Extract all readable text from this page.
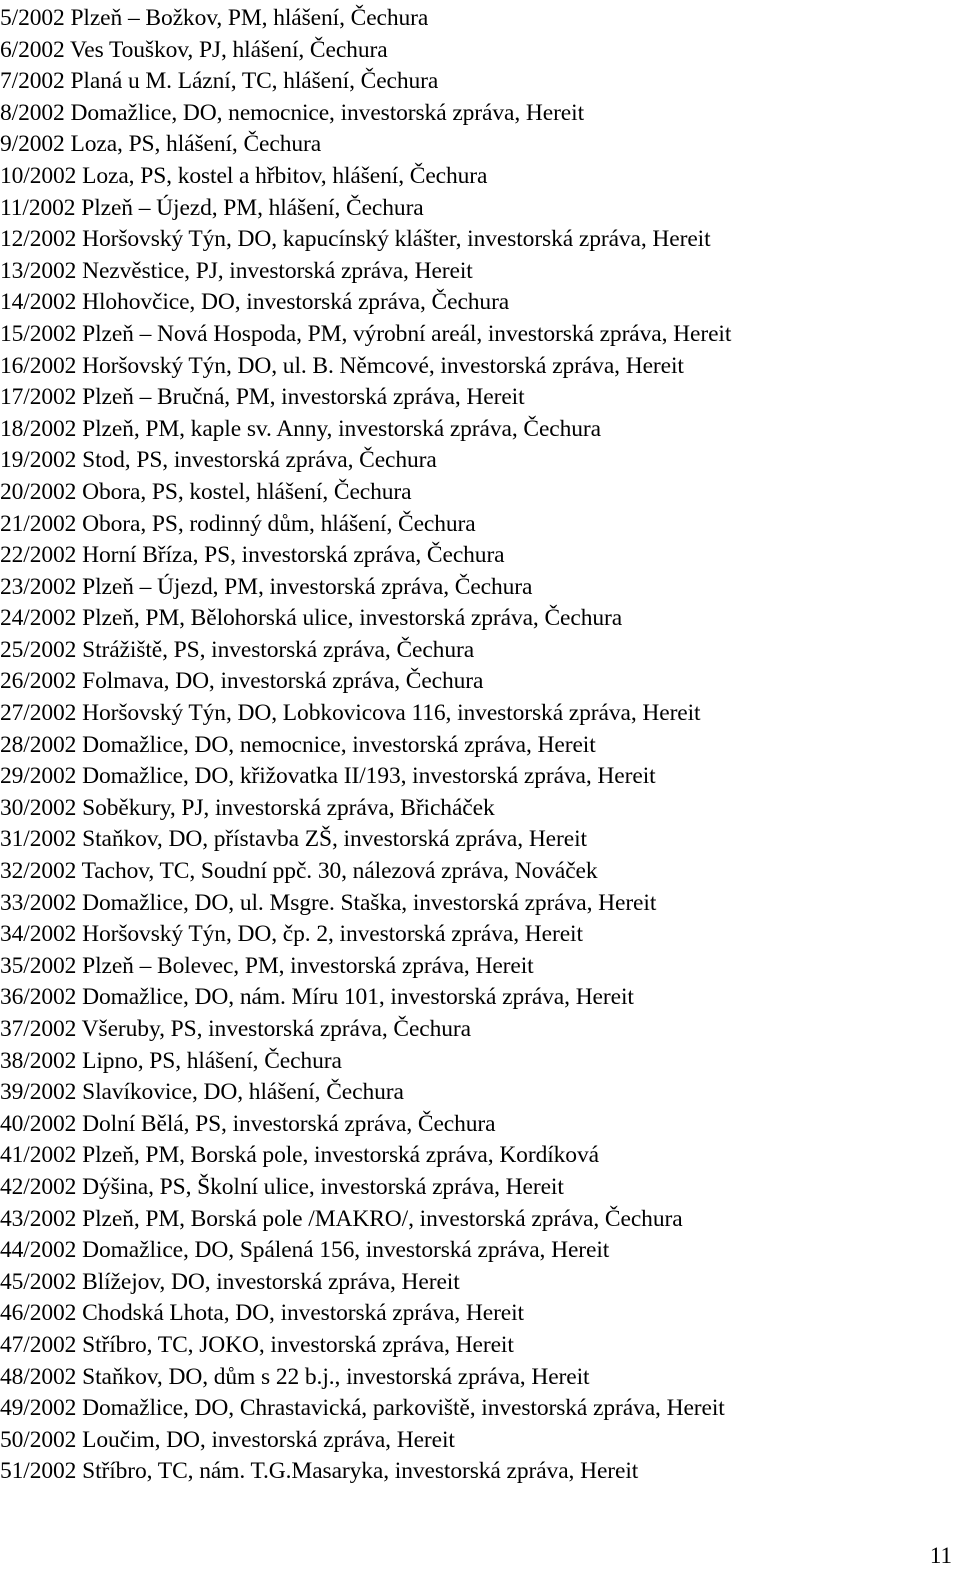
5/2002 Plzeň – Božkov, PM, hlášení, Čechura
6/2002 Ves Touškov, PJ, hlášení, Čechura
7/2002 Planá u M. Lázní, TC, hlášení, Čechura
8/2002 Domažlice, DO, nemocnice, investorská zpráva, Hereit
9/2002 Loza, PS, hlášení, Čechura
10/2002 Loza, PS, kostel a hřbitov, hlášení, Čechura
11/2002 Plzeň – Újezd, PM, hlášení, Čechura
12/2002 Horšovský Týn, DO, kapucínský klášter, investorská zpráva, Hereit
13/2002 Nezvěstice, PJ, investorská zpráva, Hereit
14/2002 Hlohovčice, DO, investorská zpráva, Čechura
15/2002 Plzeň – Nová Hospoda, PM, výrobní areál, investorská zpráva, Hereit
16/2002 Horšovský Týn, DO, ul. B. Němcové, investorská zpráva, Hereit
17/2002 Plzeň – Bručná, PM, investorská zpráva, Hereit
18/2002 Plzeň, PM, kaple sv. Anny, investorská zpráva, Čechura
19/2002 Stod, PS, investorská zpráva, Čechura
20/2002 Obora, PS, kostel, hlášení, Čechura
21/2002 Obora, PS, rodinný dům, hlášení, Čechura
22/2002 Horní Bříza, PS, investorská zpráva, Čechura
23/2002 Plzeň – Újezd, PM, investorská zpráva, Čechura
24/2002 Plzeň, PM, Bělohorská ulice, investorská zpráva, Čechura
25/2002 Strážiště, PS, investorská zpráva, Čechura
26/2002 Folmava, DO, investorská zpráva, Čechura
27/2002 Horšovský Týn, DO, Lobkovicova 116, investorská zpráva, Hereit
28/2002 Domažlice, DO, nemocnice, investorská zpráva, Hereit
29/2002 Domažlice, DO, křižovatka II/193, investorská zpráva, Hereit
30/2002 Soběkury, PJ, investorská zpráva, Břicháček
31/2002 Staňkov, DO, přístavba ZŠ, investorská zpráva, Hereit
32/2002 Tachov, TC, Soudní ppč. 30, nálezová zpráva, Nováček
33/2002 Domažlice, DO, ul. Msgre. Staška, investorská zpráva, Hereit
34/2002 Horšovský Týn, DO, čp. 2, investorská zpráva, Hereit
35/2002 Plzeň – Bolevec, PM, investorská zpráva, Hereit
36/2002 Domažlice, DO, nám. Míru 101, investorská zpráva, Hereit
37/2002 Všeruby, PS, investorská zpráva, Čechura
38/2002 Lipno, PS, hlášení, Čechura
39/2002 Slavíkovice, DO, hlášení, Čechura
40/2002 Dolní Bělá, PS, investorská zpráva, Čechura
41/2002 Plzeň, PM, Borská pole, investorská zpráva, Kordíková
42/2002 Dýšina, PS, Školní ulice, investorská zpráva, Hereit
43/2002 Plzeň, PM, Borská pole /MAKRO/, investorská zpráva, Čechura
44/2002 Domažlice, DO, Spálená 156, investorská zpráva, Hereit
45/2002 Blížejov, DO, investorská zpráva, Hereit
46/2002 Chodská Lhota, DO, investorská zpráva, Hereit
47/2002 Stříbro, TC, JOKO, investorská zpráva, Hereit
48/2002 Staňkov, DO, dům s 22 b.j., investorská zpráva, Hereit
49/2002 Domažlice, DO, Chrastavická, parkoviště, investorská zpráva, Hereit
50/2002 Loučim, DO, investorská zpráva, Hereit
51/2002 Stříbro, TC, nám. T.G.Masaryka, investorská zpráva, Hereit
11
